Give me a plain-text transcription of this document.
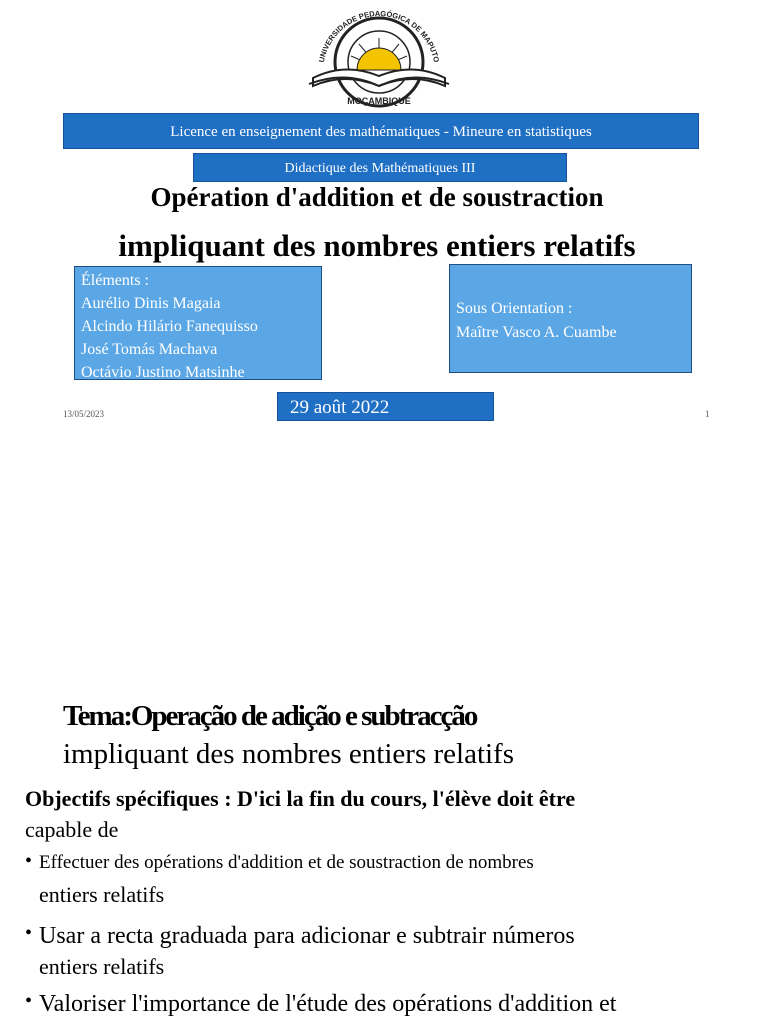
UNIVERSIDADE PEDAGÓGICA DE MAPUTO
MOÇAMBIQUE
Licence en enseignement des mathématiques - Mineure en statistiques
Didactique des Mathématiques III
Opération d'addition et de soustraction
impliquant des nombres entiers relatifs
Éléments :
Aurélio Dinis Magaia
Alcindo Hilário Fanequisso
José Tomás Machava
Octávio Justino Matsinhe
Sous Orientation :
Maître Vasco A. Cuambe
13/05/2023	1
29 août 2022
Tema:Operação de adição e subtracção
impliquant des nombres entiers relatifs
Objectifs spécifiques : D'ici la fin du cours, l'élève doit être
capable de
• Effectuer des opérations d'addition et de soustraction de nombres
entiers relatifs
• Usar a recta graduada para adicionar e subtrair números
entiers relatifs
• Valoriser l'importance de l'étude des opérations d'addition et
